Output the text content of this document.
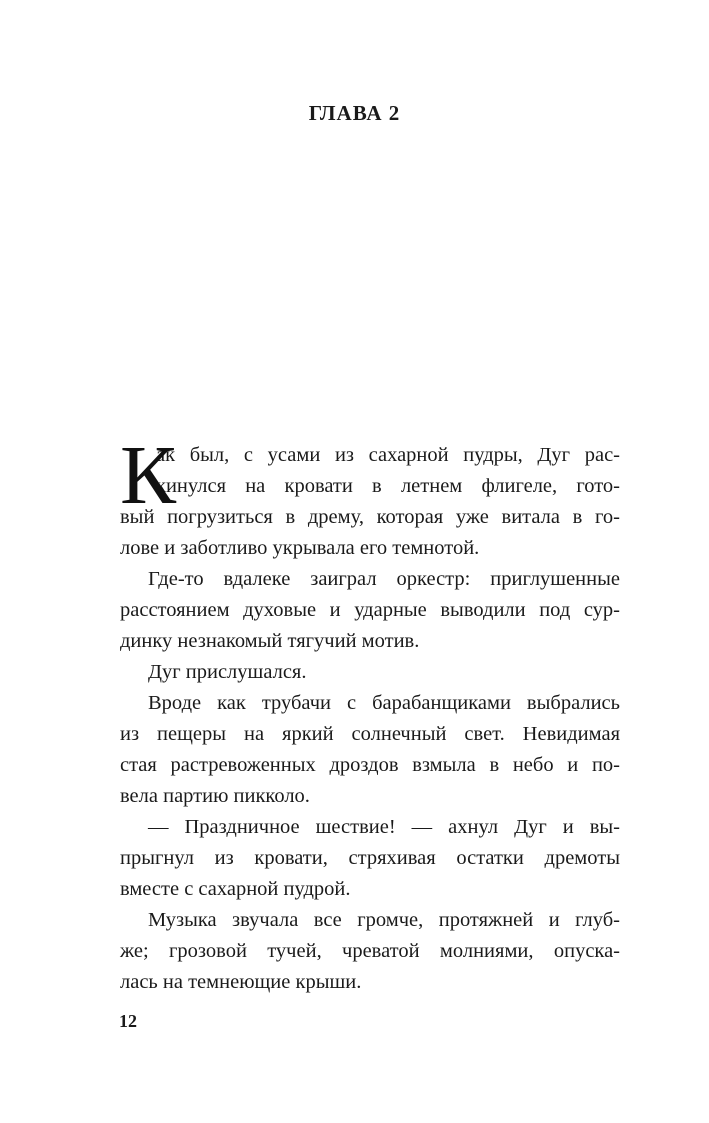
ГЛАВА 2
К
ак был, с усами из сахарной пудры, Дуг рас-
кинулся на кровати в летнем флигеле, гото-
вый погрузиться в дрему, которая уже витала в го-
лове и заботливо укрывала его темнотой.
Где-то вдалеке заиграл оркестр: приглушенные
расстоянием духовые и ударные выводили под сур-
динку незнакомый тягучий мотив.
Дуг прислушался.
Вроде как трубачи с барабанщиками выбрались
из пещеры на яркий солнечный свет. Невидимая
стая растревоженных дроздов взмыла в небо и по-
вела партию пикколо.
— Праздничное шествие! — ахнул Дуг и вы-
прыгнул из кровати, стряхивая остатки дремоты
вместе с сахарной пудрой.
Музыка звучала все громче, протяжней и глуб-
же; грозовой тучей, чреватой молниями, опуска-
лась на темнеющие крыши.
12
